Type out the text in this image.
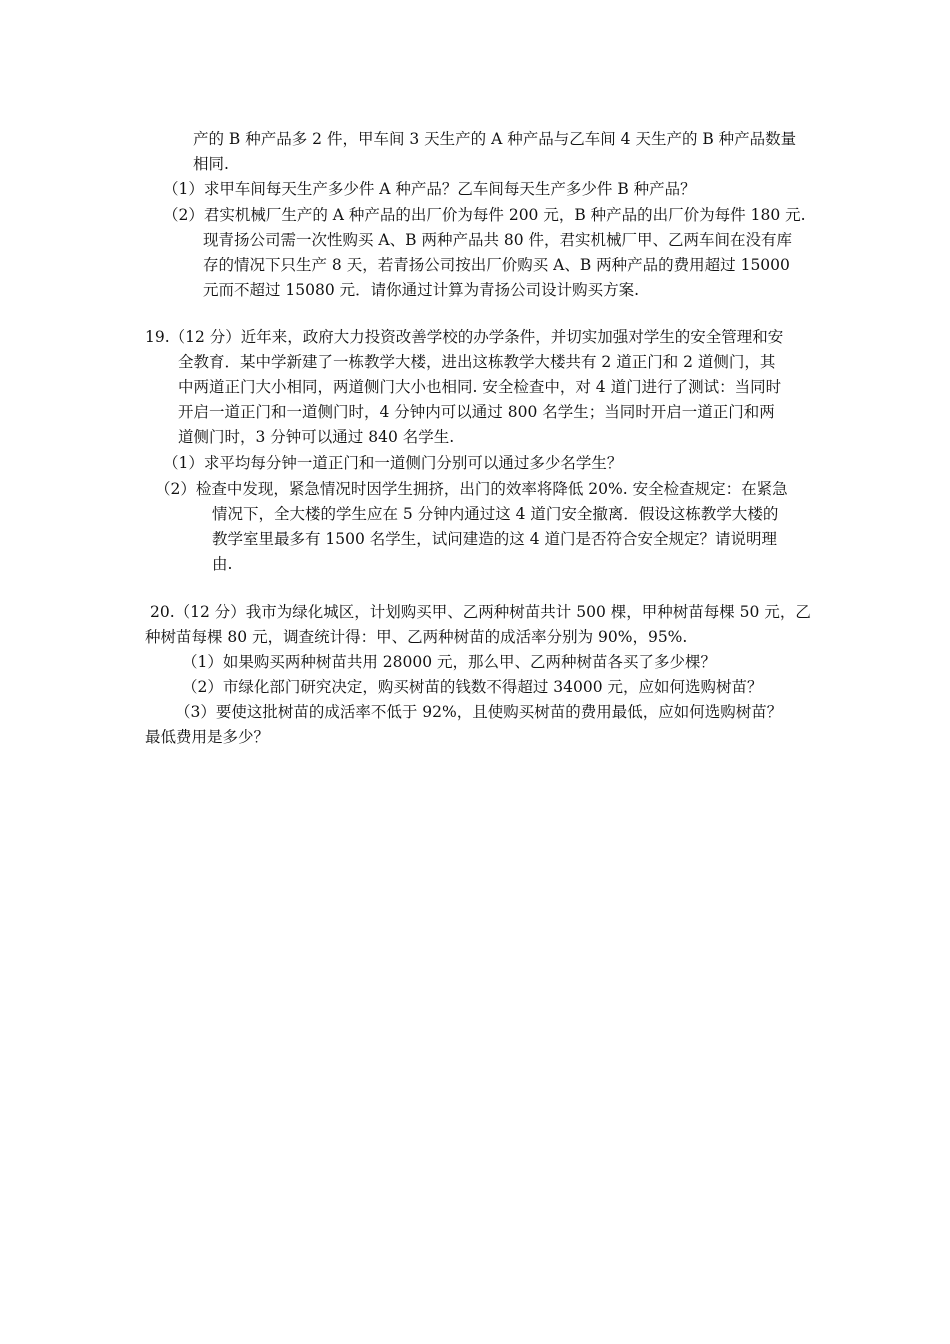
产的 B 种产品多 2 件，甲车间 3 天生产的 A 种产品与乙车间 4 天生产的 B 种产品数量
相同.
（1）求甲车间每天生产多少件 A 种产品？乙车间每天生产多少件 B 种产品？
（2）君实机械厂生产的 A 种产品的出厂价为每件 200 元，B 种产品的出厂价为每件 180 元.
现青扬公司需一次性购买 A、B 两种产品共 80 件，君实机械厂甲、乙两车间在没有库
存的情况下只生产 8 天，若青扬公司按出厂价购买 A、B 两种产品的费用超过 15000
元而不超过 15080 元．请你通过计算为青扬公司设计购买方案.
19.（12 分）近年来，政府大力投资改善学校的办学条件，并切实加强对学生的安全管理和安
全教育．某中学新建了一栋教学大楼，进出这栋教学大楼共有 2 道正门和 2 道侧门，其
中两道正门大小相同，两道侧门大小也相同. 安全检查中，对 4 道门进行了测试：当同时
开启一道正门和一道侧门时，4 分钟内可以通过 800 名学生；当同时开启一道正门和两
道侧门时，3 分钟可以通过 840 名学生.
（1）求平均每分钟一道正门和一道侧门分别可以通过多少名学生？
（2）检查中发现，紧急情况时因学生拥挤，出门的效率将降低 20%. 安全检查规定：在紧急
情况下，全大楼的学生应在 5 分钟内通过这 4 道门安全撤离．假设这栋教学大楼的
教学室里最多有 1500 名学生，试问建造的这 4 道门是否符合安全规定？请说明理
由.
20.（12 分）我市为绿化城区，计划购买甲、乙两种树苗共计 500 棵，甲种树苗每棵 50 元，乙
种树苗每棵 80 元，调查统计得：甲、乙两种树苗的成活率分别为 90%，95%.
（1）如果购买两种树苗共用 28000 元，那么甲、乙两种树苗各买了多少棵？
（2）市绿化部门研究决定，购买树苗的钱数不得超过 34000 元，应如何选购树苗？
（3）要使这批树苗的成活率不低于 92%，且使购买树苗的费用最低，应如何选购树苗？
最低费用是多少？
